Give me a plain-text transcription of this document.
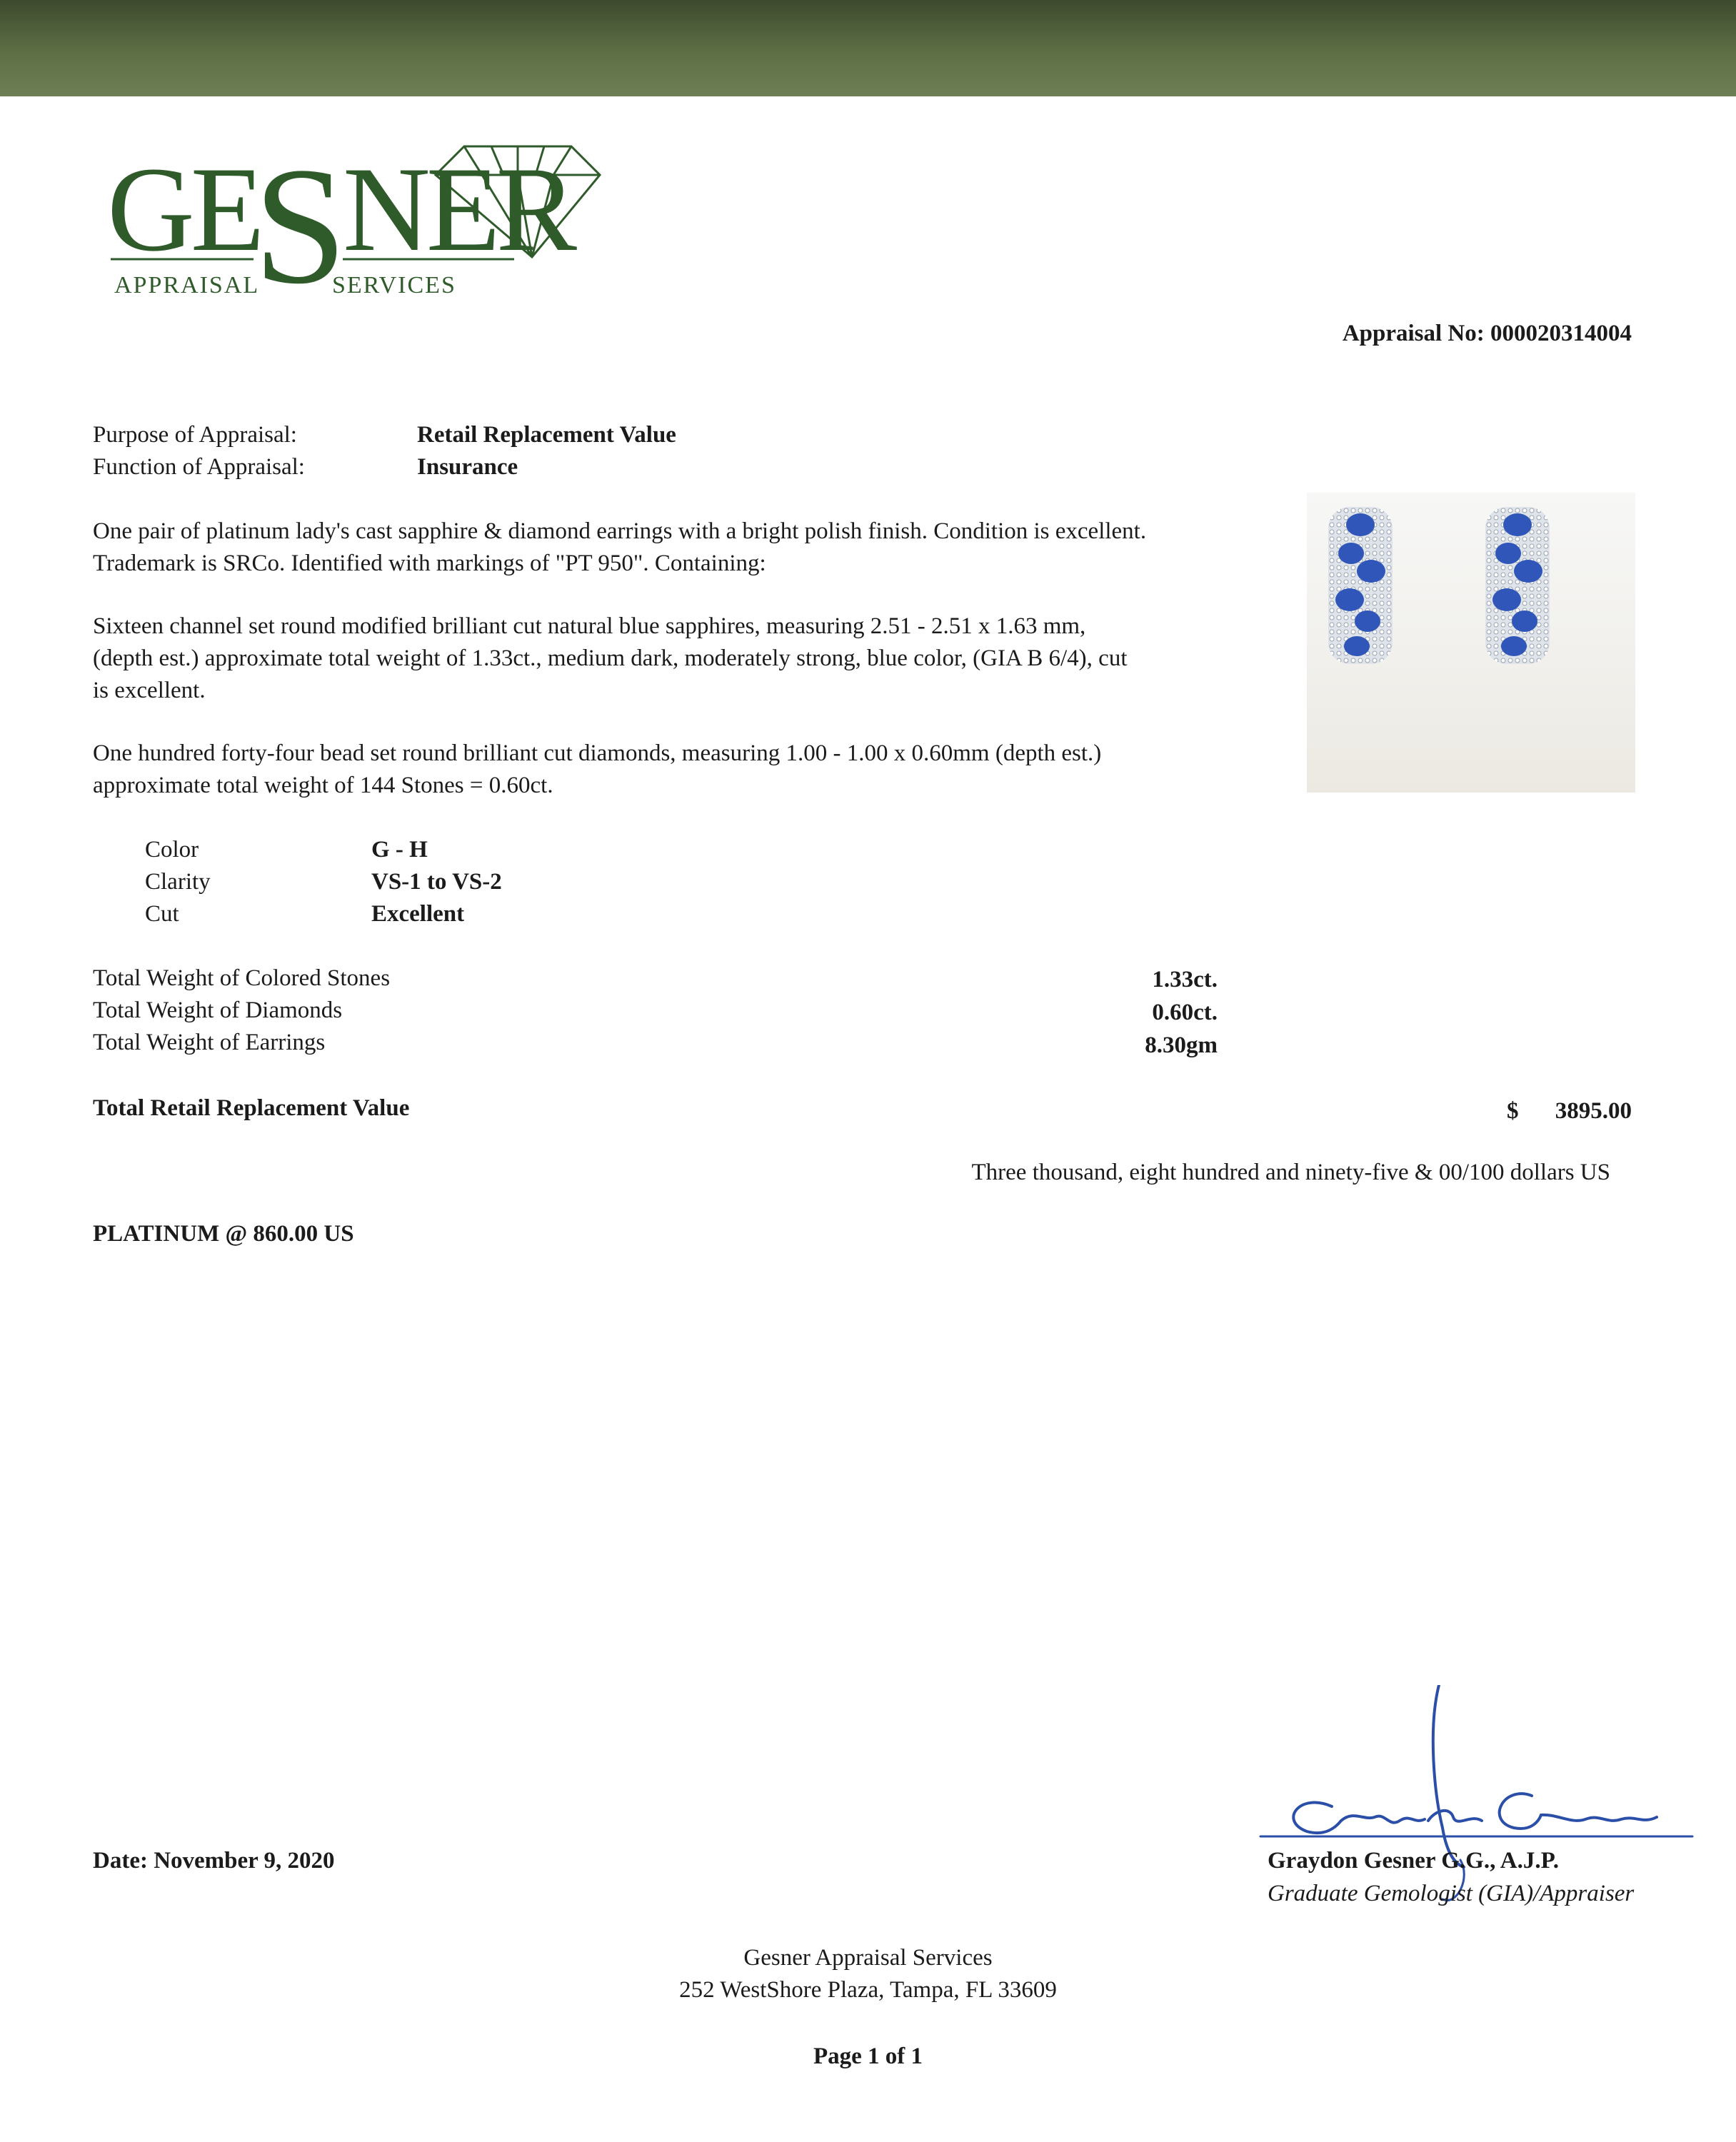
GE
S
NER
APPRAISAL	SERVICES
Appraisal No: 000020314004
Purpose of Appraisal:	Retail Replacement Value
Function of Appraisal:	Insurance
One pair of platinum lady's cast sapphire & diamond earrings with a bright polish finish. Condition is excellent. Trademark is SRCo. Identified with markings of "PT 950". Containing:
Sixteen channel set round modified brilliant cut natural blue sapphires, measuring 2.51 - 2.51 x 1.63 mm, (depth est.) approximate total weight of 1.33ct., medium dark, moderately strong, blue color, (GIA B 6/4), cut is excellent.
One hundred forty-four bead set round brilliant cut diamonds, measuring 1.00 - 1.00 x 0.60mm (depth est.) approximate total weight of 144 Stones = 0.60ct.
Color	G - H
Clarity	VS-1 to VS-2
Cut	Excellent
Total Weight of Colored Stones	1.33ct.
Total Weight of Diamonds	0.60ct.
Total Weight of Earrings	8.30gm
Total Retail Replacement Value	$	3895.00
Three thousand, eight hundred and ninety-five & 00/100 dollars US
PLATINUM @ 860.00 US
Date: November 9, 2020	Graydon Gesner G.G., A.J.P.
Graduate Gemologist (GIA)/Appraiser
Gesner Appraisal Services
252 WestShore Plaza, Tampa, FL 33609
Page 1 of 1
